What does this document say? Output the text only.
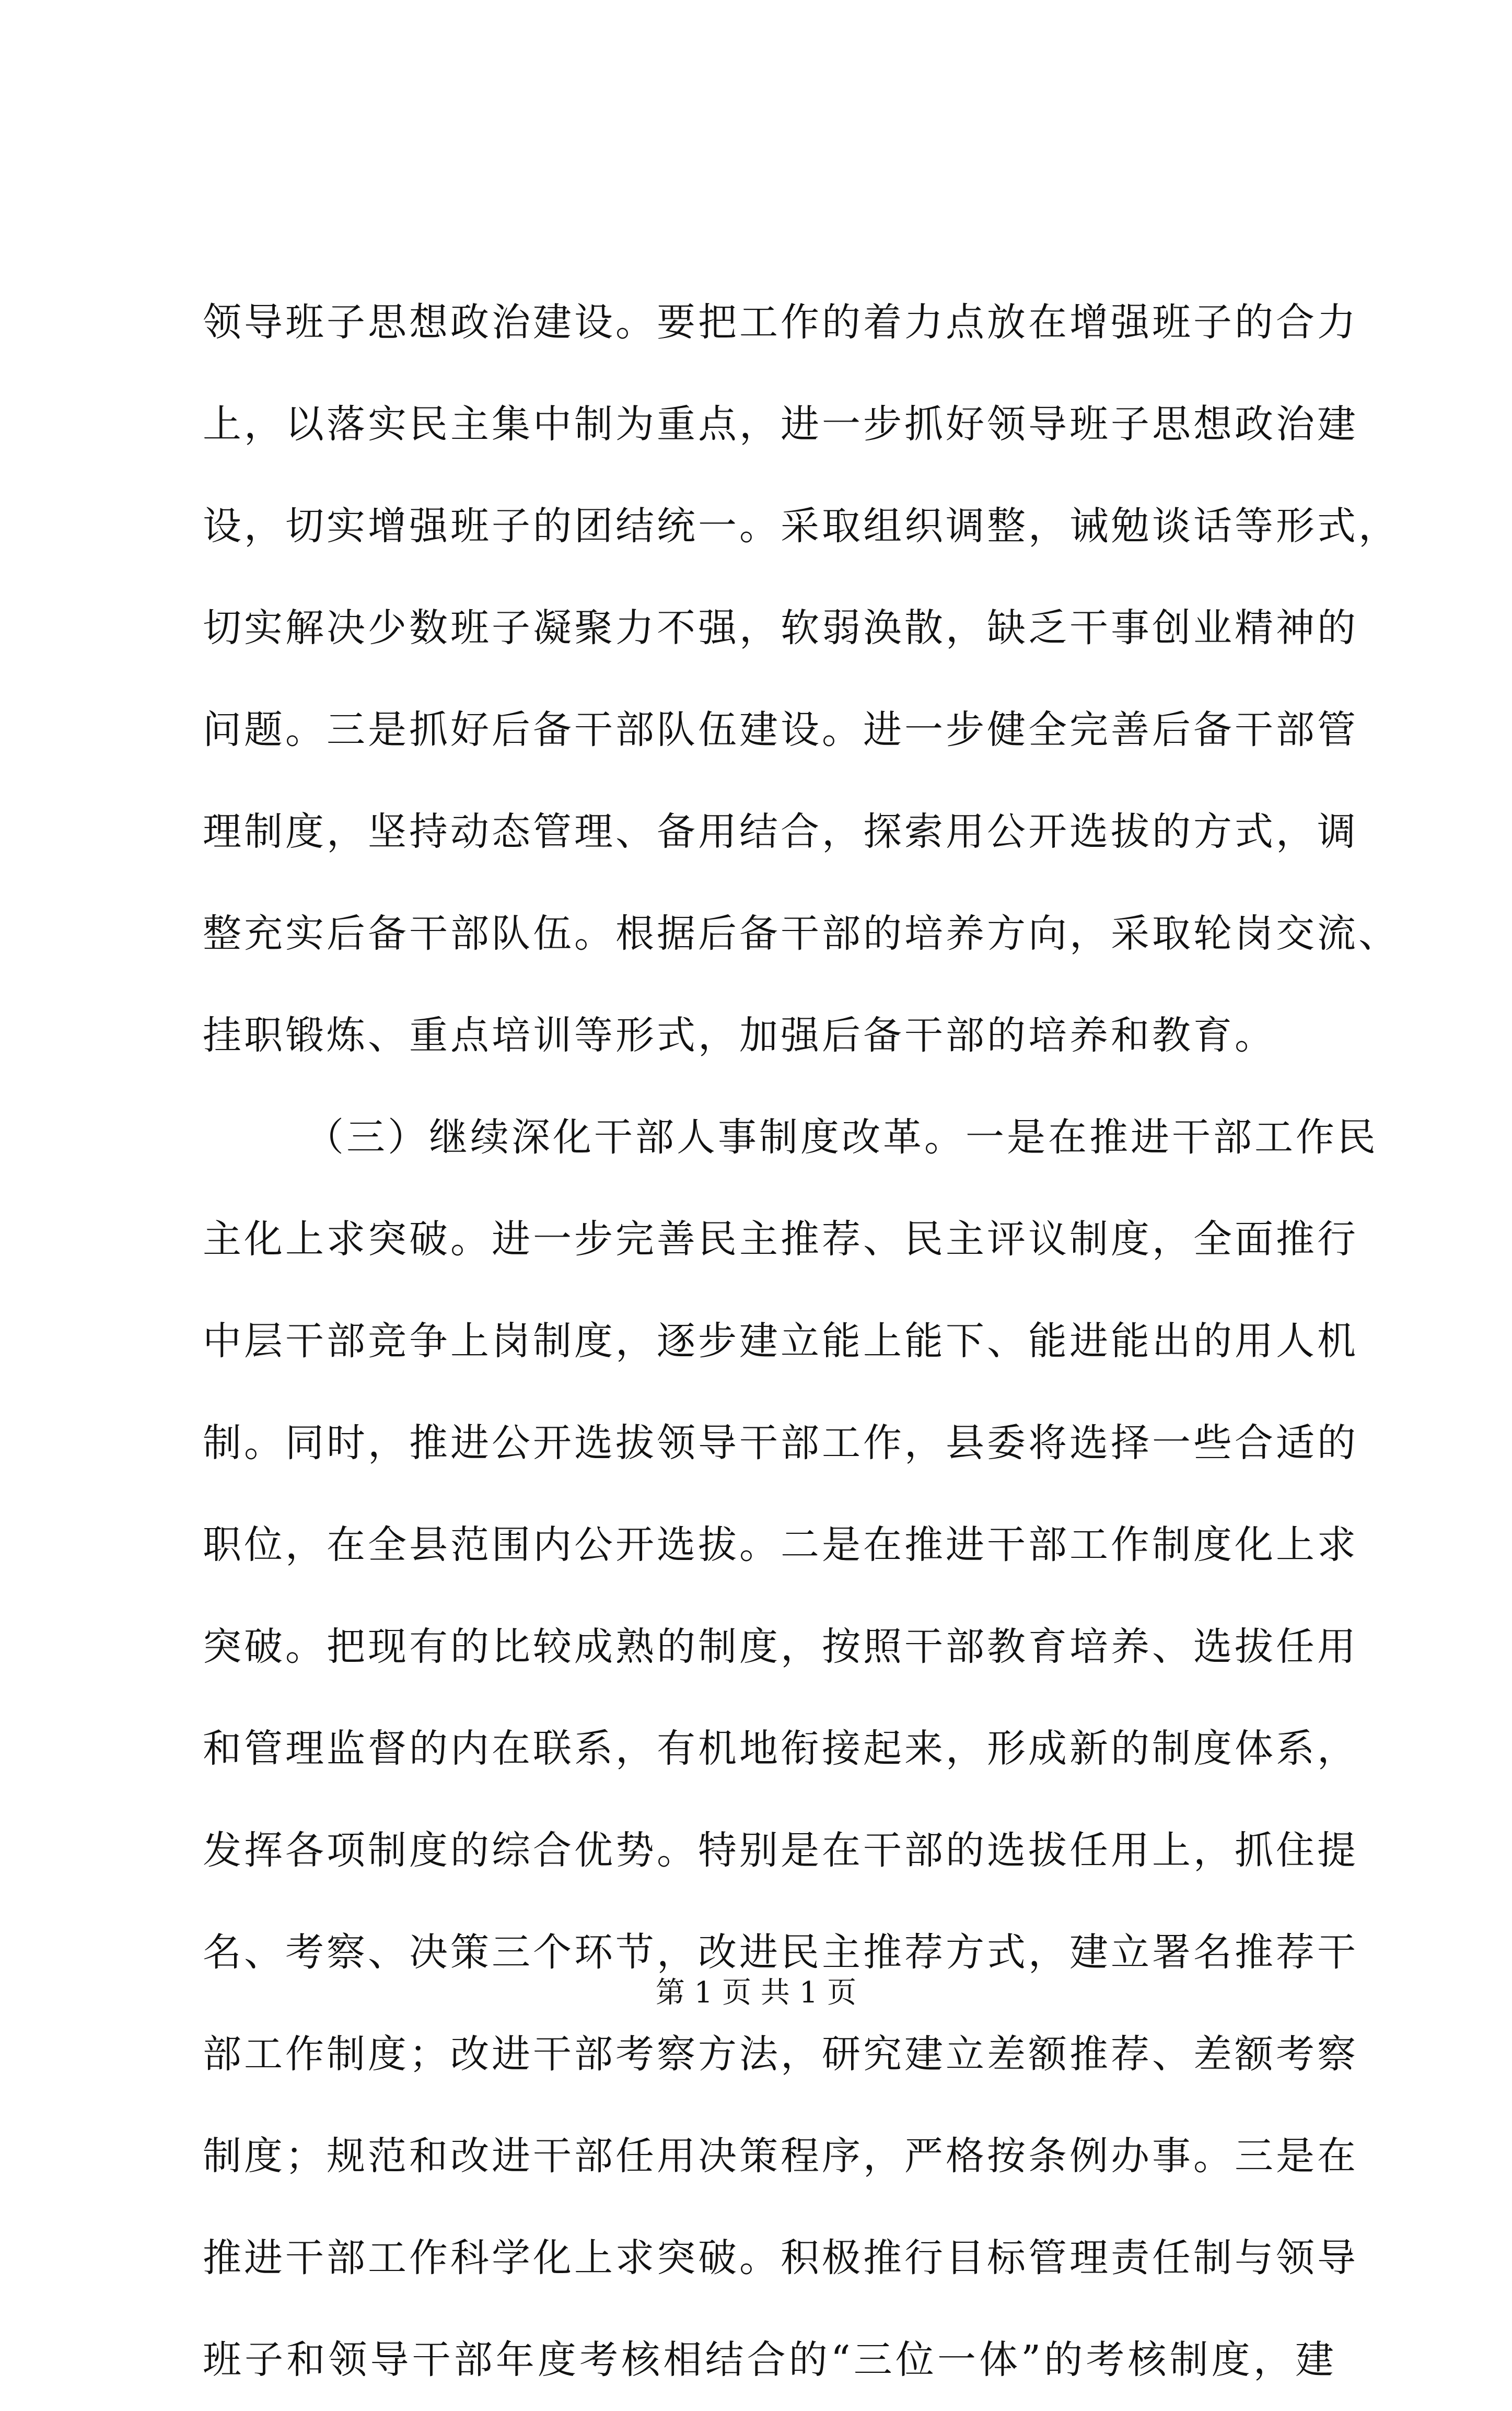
领导班子思想政治建设。要把工作的着力点放在增强班子的合力
上，以落实民主集中制为重点，进一步抓好领导班子思想政治建
设，切实增强班子的团结统一。采取组织调整，诫勉谈话等形式，
切实解决少数班子凝聚力不强，软弱涣散，缺乏干事创业精神的
问题。三是抓好后备干部队伍建设。进一步健全完善后备干部管
理制度，坚持动态管理、备用结合，探索用公开选拔的方式，调
整充实后备干部队伍。根据后备干部的培养方向，采取轮岗交流、
挂职锻炼、重点培训等形式，加强后备干部的培养和教育。
（三）继续深化干部人事制度改革。一是在推进干部工作民
主化上求突破。进一步完善民主推荐、民主评议制度，全面推行
中层干部竞争上岗制度，逐步建立能上能下、能进能出的用人机
制。同时，推进公开选拔领导干部工作，县委将选择一些合适的
职位，在全县范围内公开选拔。二是在推进干部工作制度化上求
突破。把现有的比较成熟的制度，按照干部教育培养、选拔任用
和管理监督的内在联系，有机地衔接起来，形成新的制度体系，
发挥各项制度的综合优势。特别是在干部的选拔任用上，抓住提
名、考察、决策三个环节，改进民主推荐方式，建立署名推荐干
部工作制度；改进干部考察方法，研究建立差额推荐、差额考察
制度；规范和改进干部任用决策程序，严格按条例办事。三是在
推进干部工作科学化上求突破。积极推行目标管理责任制与领导
班子和领导干部年度考核相结合的“三位一体”的考核制度，建
第 1 页 共 1 页
